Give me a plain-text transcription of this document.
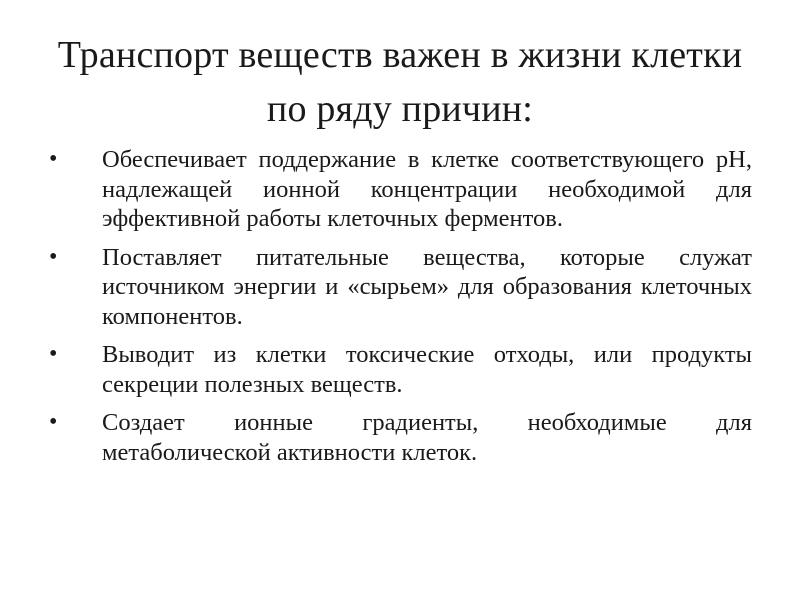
Транспорт веществ важен в жизни клетки по ряду причин:
• Обеспечивает поддержание в клетке соответствующего pH, надлежащей ионной концентрации необходимой для эффективной работы клеточных ферментов.
• Поставляет питательные вещества, которые служат источником энергии и «сырьем» для образования клеточных компонентов.
• Выводит из клетки токсические отходы, или продукты секреции полезных веществ.
• Создает ионные градиенты, необходимые для метаболической активности клеток.
